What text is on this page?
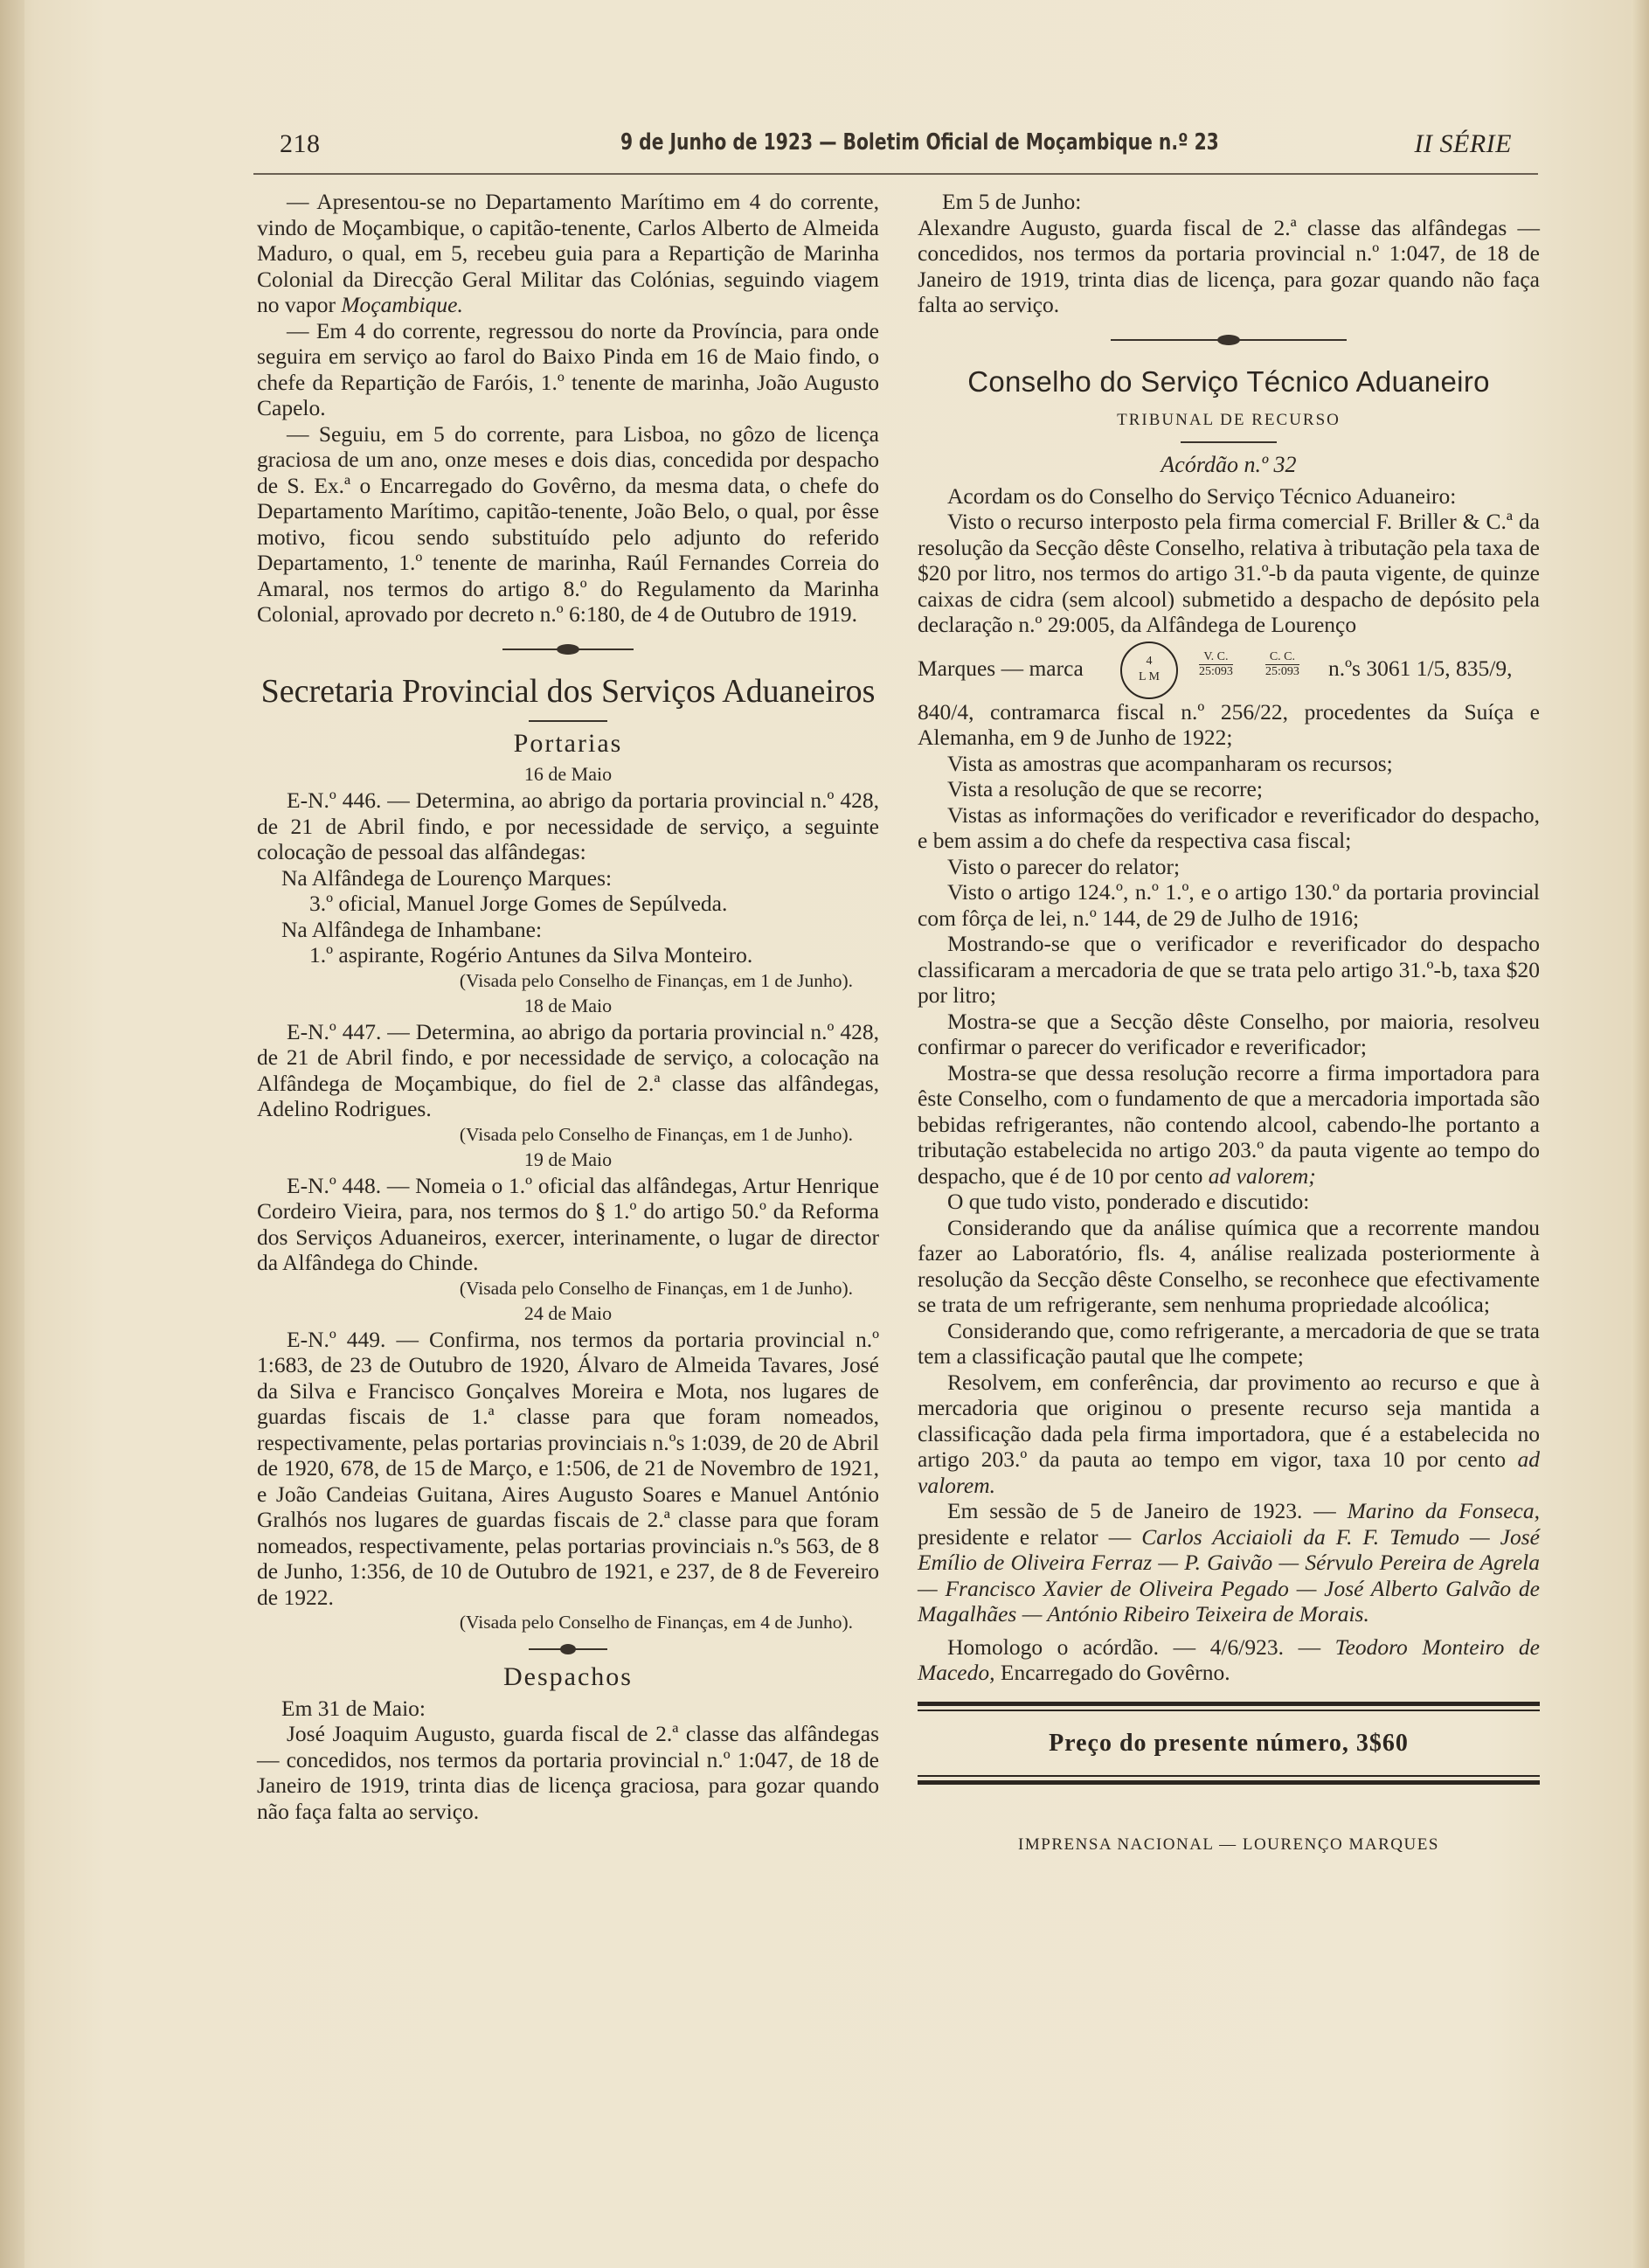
218	9 de Junho de 1923 — Boletim Oficial de Moçambique n.º 23	II SÉRIE

— Apresentou-se no Departamento Marítimo em 4 do corrente, vindo de Moçambique, o capitão-tenente, Carlos Alberto de Almeida Maduro, o qual, em 5, recebeu guia para a Repartição de Marinha Colonial da Direcção Geral Militar das Colónias, seguindo viagem no vapor Moçambique.

— Em 4 do corrente, regressou do norte da Província, para onde seguira em serviço ao farol do Baixo Pinda em 16 de Maio findo, o chefe da Repartição de Faróis, 1.º tenente de marinha, João Augusto Capelo.

— Seguiu, em 5 do corrente, para Lisboa, no gôzo de licença graciosa de um ano, onze meses e dois dias, concedida por despacho de S. Ex.ª o Encarregado do Govêrno, da mesma data, o chefe do Departamento Marítimo, capitão-tenente, João Belo, o qual, por êsse motivo, ficou sendo substituído pelo adjunto do referido Departamento, 1.º tenente de marinha, Raúl Fernandes Correia do Amaral, nos termos do artigo 8.º do Regulamento da Marinha Colonial, aprovado por decreto n.º 6:180, de 4 de Outubro de 1919.

Secretaria Provincial dos Serviços Aduaneiros
Portarias
16 de Maio

E-N.º 446. — Determina, ao abrigo da portaria provincial n.º 428, de 21 de Abril findo, e por necessidade de serviço, a seguinte colocação de pessoal das alfândegas:

Na Alfândega de Lourenço Marques:
3.º oficial, Manuel Jorge Gomes de Sepúlveda.
Na Alfândega de Inhambane:
1.º aspirante, Rogério Antunes da Silva Monteiro.
(Visada pelo Conselho de Finanças, em 1 de Junho).
18 de Maio

E-N.º 447. — Determina, ao abrigo da portaria provincial n.º 428, de 21 de Abril findo, e por necessidade de serviço, a colocação na Alfândega de Moçambique, do fiel de 2.ª classe das alfândegas, Adelino Rodrigues.

(Visada pelo Conselho de Finanças, em 1 de Junho).
19 de Maio

E-N.º 448. — Nomeia o 1.º oficial das alfândegas, Artur Henrique Cordeiro Vieira, para, nos termos do § 1.º do artigo 50.º da Reforma dos Serviços Aduaneiros, exercer, interinamente, o lugar de director da Alfândega do Chinde.

(Visada pelo Conselho de Finanças, em 1 de Junho).
24 de Maio

E-N.º 449. — Confirma, nos termos da portaria provincial n.º 1:683, de 23 de Outubro de 1920, Álvaro de Almeida Tavares, José da Silva e Francisco Gonçalves Moreira e Mota, nos lugares de guardas fiscais de 1.ª classe para que foram nomeados, respectivamente, pelas portarias provinciais n.ºs 1:039, de 20 de Abril de 1920, 678, de 15 de Março, e 1:506, de 21 de Novembro de 1921, e João Candeias Guitana, Aires Augusto Soares e Manuel António Gralhós nos lugares de guardas fiscais de 2.ª classe para que foram nomeados, respectivamente, pelas portarias provinciais n.ºs 563, de 8 de Junho, 1:356, de 10 de Outubro de 1921, e 237, de 8 de Fevereiro de 1922.

(Visada pelo Conselho de Finanças, em 4 de Junho).
Despachos
Em 31 de Maio:

José Joaquim Augusto, guarda fiscal de 2.ª classe das alfândegas — concedidos, nos termos da portaria provincial n.º 1:047, de 18 de Janeiro de 1919, trinta dias de licença graciosa, para gozar quando não faça falta ao serviço.

Em 5 de Junho:

Alexandre Augusto, guarda fiscal de 2.ª classe das alfândegas — concedidos, nos termos da portaria provincial n.º 1:047, de 18 de Janeiro de 1919, trinta dias de licença, para gozar quando não faça falta ao serviço.

Conselho do Serviço Técnico Aduaneiro
TRIBUNAL DE RECURSO
Acórdão n.º 32

Acordam os do Conselho do Serviço Técnico Aduaneiro:

Visto o recurso interposto pela firma comercial F. Briller & C.ª da resolução da Secção dêste Conselho, relativa à tributação pela taxa de $20 por litro, nos termos do artigo 31.º-b da pauta vigente, de quinze caixas de cidra (sem alcool) submetido a despacho de depósito pela declaração n.º 29:005, da Alfândega de Lourenço

Marques — marca	4
L M	$\frac{V. C.}{25:093}$	$\frac{C. C.}{25:093}$ n.ºs 3061 1/5, 835/9,

840/4, contramarca fiscal n.º 256/22, procedentes da Suíça e Alemanha, em 9 de Junho de 1922;

Vista as amostras que acompanharam os recursos;

Vista a resolução de que se recorre;

Vistas as informações do verificador e reverificador do despacho, e bem assim a do chefe da respectiva casa fiscal;

Visto o parecer do relator;

Visto o artigo 124.º, n.º 1.º, e o artigo 130.º da portaria provincial com fôrça de lei, n.º 144, de 29 de Julho de 1916;

Mostrando-se que o verificador e reverificador do despacho classificaram a mercadoria de que se trata pelo artigo 31.º-b, taxa $20 por litro;

Mostra-se que a Secção dêste Conselho, por maioria, resolveu confirmar o parecer do verificador e reverificador;

Mostra-se que dessa resolução recorre a firma importadora para êste Conselho, com o fundamento de que a mercadoria importada são bebidas refrigerantes, não contendo alcool, cabendo-lhe portanto a tributação estabelecida no artigo 203.º da pauta vigente ao tempo do despacho, que é de 10 por cento ad valorem;

O que tudo visto, ponderado e discutido:

Considerando que da análise química que a recorrente mandou fazer ao Laboratório, fls. 4, análise realizada posteriormente à resolução da Secção dêste Conselho, se reconhece que efectivamente se trata de um refrigerante, sem nenhuma propriedade alcoólica;

Considerando que, como refrigerante, a mercadoria de que se trata tem a classificação pautal que lhe compete;

Resolvem, em conferência, dar provimento ao recurso e que à mercadoria que originou o presente recurso seja mantida a classificação dada pela firma importadora, que é a estabelecida no artigo 203.º da pauta ao tempo em vigor, taxa 10 por cento ad valorem.

Em sessão de 5 de Janeiro de 1923. — Marino da Fonseca, presidente e relator — Carlos Acciaioli da F. F. Temudo — José Emílio de Oliveira Ferraz — P. Gaivão — Sérvulo Pereira de Agrela — Francisco Xavier de Oliveira Pegado — José Alberto Galvão de Magalhães — António Ribeiro Teixeira de Morais.

Homologo o acórdão. — 4/6/923. — Teodoro Monteiro de Macedo, Encarregado do Govêrno.

Preço do presente número, 3$60
IMPRENSA NACIONAL — LOURENÇO MARQUES
